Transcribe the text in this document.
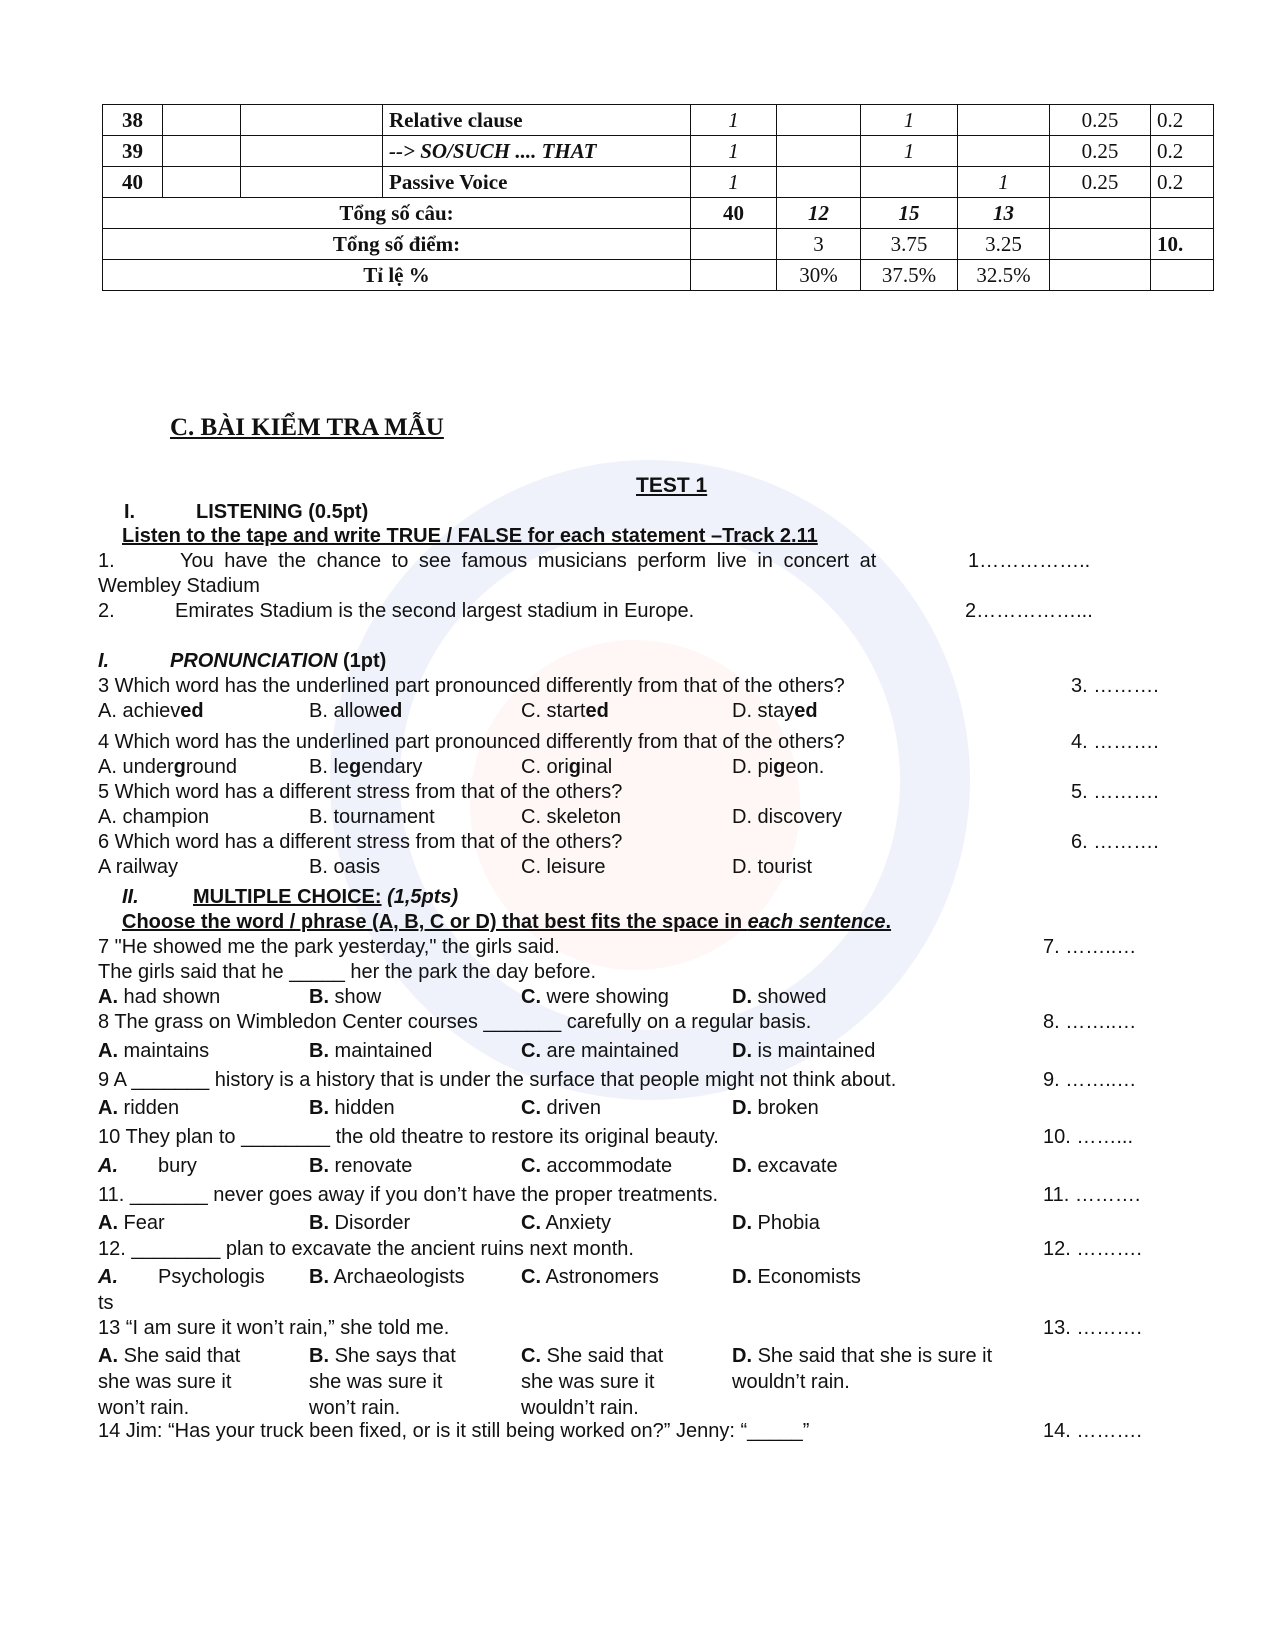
38			Relative clause	1		1		0.25	0.2
39			--> SO/SUCH .... THAT	1		1		0.25	0.2
40			Passive Voice	1			1	0.25	0.2
Tổng số câu:				40	12	15	13		
Tổng số điểm:					3	3.75	3.25		10.
Tỉ lệ %					30%	37.5%	32.5%		
C. BÀI KIỂM TRA MẪU
TEST 1
I.	LISTENING (0.5pt)
Listen to the tape and write TRUE / FALSE for each statement –Track 2.11
1.	You have the chance to see famous musicians perform live in concert at	1……………..
Wembley Stadium
2.	Emirates Stadium is the second largest stadium in Europe.	2……………...
I.	PRONUNCIATION (1pt)
3 Which word has the underlined part pronounced differently from that of the others?	3. ……….
A. achieved	B. allowed	C. started	D. stayed
4 Which word has the underlined part pronounced differently from that of the others?	4. ……….
A. underground	B. legendary	C. original	D. pigeon.
5 Which word has a different stress from that of the others?	5. ……….
A. champion	B. tournament	C. skeleton	D. discovery
6 Which word has a different stress from that of the others?	6. ……….
A railway	B. oasis	C. leisure	D. tourist
II.	MULTIPLE CHOICE: (1,5pts)
Choose the word / phrase (A, B, C or D) that best fits the space in each sentence.
7 "He showed me the park yesterday," the girls said.	7. ……..…
The girls said that he _____ her the park the day before.
A. had shown	B. show	C. were showing	D. showed
8 The grass on Wimbledon Center courses _______ carefully on a regular basis.	8. ……..…
A. maintains	B. maintained	C. are maintained	D. is maintained
9 A _______ history is a history that is under the surface that people might not think about.	9. ……..…
A. ridden	B. hidden	C. driven	D. broken
10 They plan to ________ the old theatre to restore its original beauty.	10. ……...
A.  bury	B. renovate	C. accommodate	D. excavate
11. _______ never goes away if you don’t have the proper treatments.	11. ……….
A. Fear	B. Disorder	C. Anxiety	D. Phobia
12. ________ plan to excavate the ancient ruins next month.	12. ……….
A.  Psychologis B. Archaeologists	C. Astronomers	D. Economists
ts
13 “I am sure it won’t rain,” she told me.	13. ……….
A. She said that
she was sure it
won’t rain.
B. She says that
she was sure it
won’t rain.
C. She said that
she was sure it
wouldn’t rain.
D. She said that she is sure it
wouldn’t rain.
14 Jim: “Has your truck been fixed, or is it still being worked on?” Jenny: “_____”	14. ……….
